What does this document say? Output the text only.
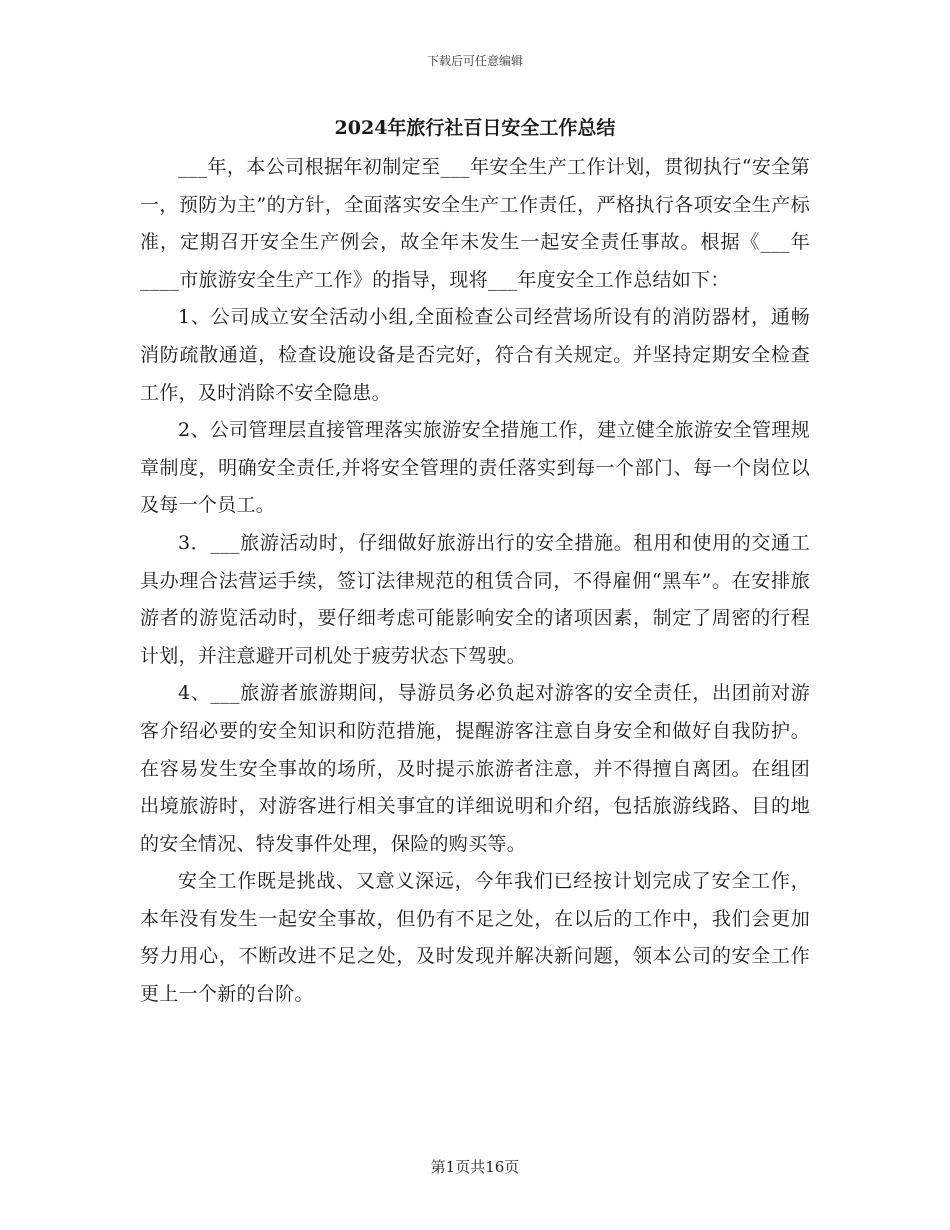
下载后可任意编辑
2024年旅行社百日安全工作总结

___年，本公司根据年初制定至___年安全生产工作计划，贯彻执行“安全第一，预防为主”的方针，全面落实安全生产工作责任，严格执行各项安全生产标准，定期召开安全生产例会，故全年未发生一起安全责任事故。根据《___年____市旅游安全生产工作》的指导，现将___年度安全工作总结如下：

1、公司成立安全活动小组,全面检查公司经营场所设有的消防器材，通畅消防疏散通道，检查设施设备是否完好，符合有关规定。并坚持定期安全检查工作，及时消除不安全隐患。

2、公司管理层直接管理落实旅游安全措施工作，建立健全旅游安全管理规章制度，明确安全责任,并将安全管理的责任落实到每一个部门、每一个岗位以及每一个员工。

3．___旅游活动时，仔细做好旅游出行的安全措施。租用和使用的交通工具办理合法营运手续，签订法律规范的租赁合同，不得雇佣“黑车”。在安排旅游者的游览活动时，要仔细考虑可能影响安全的诸项因素，制定了周密的行程计划，并注意避开司机处于疲劳状态下驾驶。

4、___旅游者旅游期间，导游员务必负起对游客的安全责任，出团前对游客介绍必要的安全知识和防范措施，提醒游客注意自身安全和做好自我防护。在容易发生安全事故的场所，及时提示旅游者注意，并不得擅自离团。在组团出境旅游时，对游客进行相关事宜的详细说明和介绍，包括旅游线路、目的地的安全情况、特发事件处理，保险的购买等。

安全工作既是挑战、又意义深远，今年我们已经按计划完成了安全工作，本年没有发生一起安全事故，但仍有不足之处，在以后的工作中，我们会更加努力用心，不断改进不足之处，及时发现并解决新问题，领本公司的安全工作更上一个新的台阶。

第1页共16页
